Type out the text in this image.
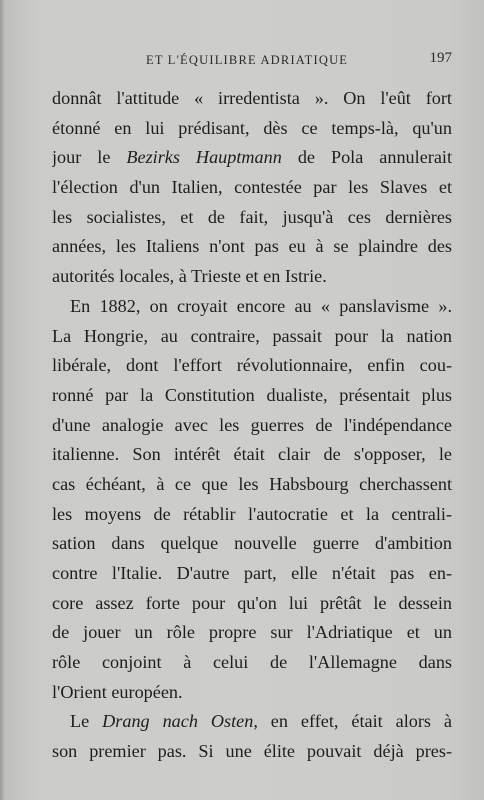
ET L'ÉQUILIBRE ADRIATIQUE	197
donnât l'attitude « irredentista ». On l'eût fort
étonné en lui prédisant, dès ce temps-là, qu'un
jour le Bezirks Hauptmann de Pola annulerait
l'élection d'un Italien, contestée par les Slaves et
les socialistes, et de fait, jusqu'à ces dernières
années, les Italiens n'ont pas eu à se plaindre des
autorités locales, à Trieste et en Istrie.
En 1882, on croyait encore au « panslavisme ».
La Hongrie, au contraire, passait pour la nation
libérale, dont l'effort révolutionnaire, enfin cou-
ronné par la Constitution dualiste, présentait plus
d'une analogie avec les guerres de l'indépendance
italienne. Son intérêt était clair de s'opposer, le
cas échéant, à ce que les Habsbourg cherchassent
les moyens de rétablir l'autocratie et la centrali-
sation dans quelque nouvelle guerre d'ambition
contre l'Italie. D'autre part, elle n'était pas en-
core assez forte pour qu'on lui prêtât le dessein
de jouer un rôle propre sur l'Adriatique et un
rôle conjoint à celui de l'Allemagne dans
l'Orient européen.
Le Drang nach Osten, en effet, était alors à
son premier pas. Si une élite pouvait déjà pres-
